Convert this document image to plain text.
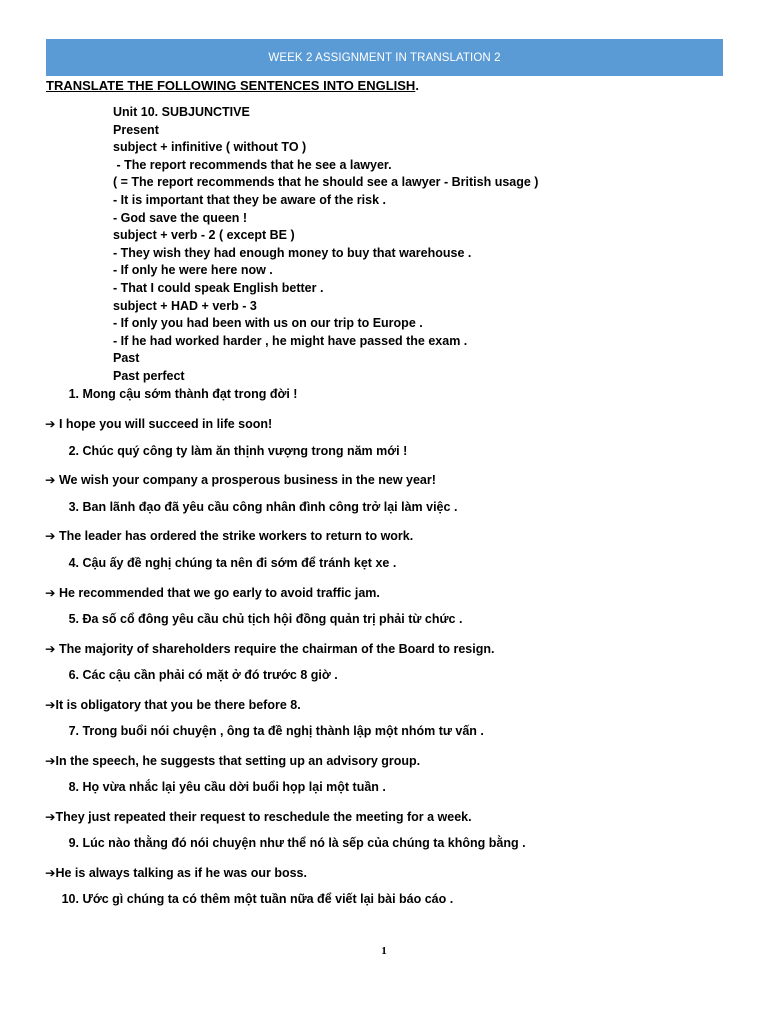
WEEK 2 ASSIGNMENT IN TRANSLATION 2
TRANSLATE THE FOLLOWING SENTENCES INTO ENGLISH.
Unit 10. SUBJUNCTIVE
Present
subject + infinitive ( without TO )
- The report recommends that he see a lawyer.
( = The report recommends that he should see a lawyer - British usage )
- It is important that they be aware of the risk .
- God save the queen !
subject + verb - 2 ( except BE )
- They wish they had enough money to buy that warehouse .
- If only he were here now .
- That I could speak English better .
subject + HAD + verb - 3
- If only you had been with us on our trip to Europe .
- If he had worked harder , he might have passed the exam .
Past
Past perfect
1. Mong cậu sớm thành đạt trong đời !
➔ I hope you will succeed in life soon!
2. Chúc quý công ty làm ăn thịnh vượng trong năm mới !
➔ We wish your company a prosperous business in the new year!
3. Ban lãnh đạo đã yêu cầu công nhân đình công trở lại làm việc .
➔ The leader has ordered the strike workers to return to work.
4. Cậu ấy đề nghị chúng ta nên đi sớm để tránh kẹt xe .
➔ He recommended that we go early to avoid traffic jam.
5. Đa số cổ đông yêu cầu chủ tịch hội đồng quản trị phải từ chức .
➔ The majority of shareholders require the chairman of the Board to resign.
6. Các cậu cần phải có mặt ở đó trước 8 giờ .
➔It is obligatory that you be there before 8.
7. Trong buổi nói chuyện , ông ta đề nghị thành lập một nhóm tư vấn .
➔In the speech, he suggests that setting up an advisory group.
8. Họ vừa nhắc lại yêu cầu dời buổi họp lại một tuần .
➔They just repeated their request to reschedule the meeting for a week.
9. Lúc nào thằng đó nói chuyện như thể nó là sếp của chúng ta không bằng .
➔He is always talking as if he was our boss.
10. Ước gì chúng ta có thêm một tuần nữa để viết lại bài báo cáo .
1
